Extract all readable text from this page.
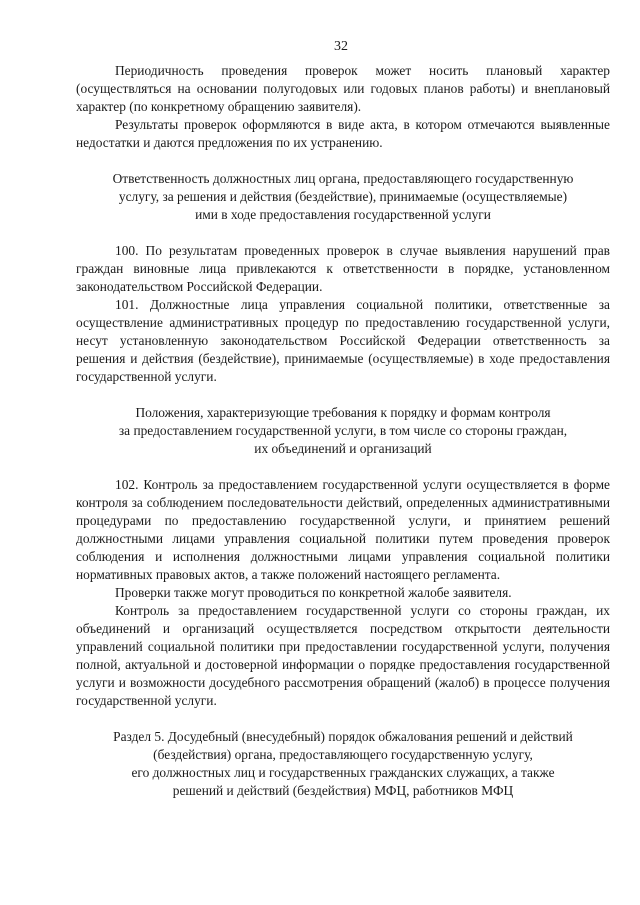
32

Периодичность проведения проверок может носить плановый характер (осуществляться на основании полугодовых или годовых планов работы) и внеплановый характер (по конкретному обращению заявителя).

Результаты проверок оформляются в виде акта, в котором отмечаются выявленные недостатки и даются предложения по их устранению.

Ответственность должностных лиц органа, предоставляющего государственную
услугу, за решения и действия (бездействие), принимаемые (осуществляемые)
ими в ходе предоставления государственной услуги

100. По результатам проведенных проверок в случае выявления нарушений прав граждан виновные лица привлекаются к ответственности в порядке, установленном законодательством Российской Федерации.

101. Должностные лица управления социальной политики, ответственные за осуществление административных процедур по предоставлению государственной услуги, несут установленную законодательством Российской Федерации ответственность за решения и действия (бездействие), принимаемые (осуществляемые) в ходе предоставления государственной услуги.

Положения, характеризующие требования к порядку и формам контроля
за предоставлением государственной услуги, в том числе со стороны граждан,
их объединений и организаций

102. Контроль за предоставлением государственной услуги осуществляется в форме контроля за соблюдением последовательности действий, определенных административными процедурами по предоставлению государственной услуги, и принятием решений должностными лицами управления социальной политики путем проведения проверок соблюдения и исполнения должностными лицами управления социальной политики нормативных правовых актов, а также положений настоящего регламента.

Проверки также могут проводиться по конкретной жалобе заявителя.

Контроль за предоставлением государственной услуги со стороны граждан, их объединений и организаций осуществляется посредством открытости деятельности управлений социальной политики при предоставлении государственной услуги, получения полной, актуальной и достоверной информации о порядке предоставления государственной услуги и возможности досудебного рассмотрения обращений (жалоб) в процессе получения государственной услуги.

Раздел 5. Досудебный (внесудебный) порядок обжалования решений и действий
(бездействия) органа, предоставляющего государственную услугу,
его должностных лиц и государственных гражданских служащих, а также
решений и действий (бездействия) МФЦ, работников МФЦ
